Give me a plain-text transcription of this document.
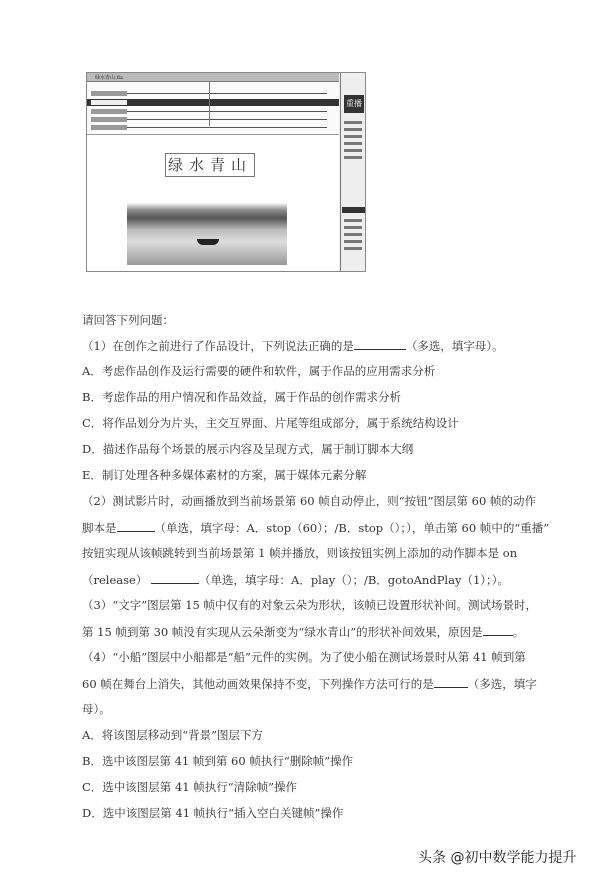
绿水青山.fla
绿水青山
重播
请回答下列问题：
（1）在创作之前进行了作品设计，下列说法正确的是	（多选，填字母）。
A．考虑作品创作及运行需要的硬件和软件，属于作品的应用需求分析
B．考虑作品的用户情况和作品效益，属于作品的创作需求分析
C．将作品划分为片头，主交互界面、片尾等组成部分，属于系统结构设计
D．描述作品每个场景的展示内容及呈现方式，属于制订脚本大纲
E．制订处理各种多媒体素材的方案，属于媒体元素分解
（2）测试影片时，动画播放到当前场景第 60 帧自动停止，则“按钮”图层第 60 帧的动作
脚本是	（单选，填字母：A．stop（60）；/B．stop（）；），单击第 60 帧中的“重播”
按钮实现从该帧跳转到当前场景第 1 帧并播放，则该按钮实例上添加的动作脚本是 on
（release）	（单选，填字母：A．play（）；/B．gotoAndPlay（1）；）。
（3）“文字”图层第 15 帧中仅有的对象云朵为形状，该帧已设置形状补间。测试场景时，
第 15 帧到第 30 帧没有实现从云朵渐变为“绿水青山”的形状补间效果，原因是	。
（4）“小船”图层中小船都是“船”元件的实例。为了使小船在测试场景时从第 41 帧到第
60 帧在舞台上消失，其他动画效果保持不变，下列操作方法可行的是	（多选，填字
母）。
A．将该图层移动到“背景”图层下方
B．选中该图层第 41 帧到第 60 帧执行“删除帧”操作
C．选中该图层第 41 帧执行“清除帧”操作
D．选中该图层第 41 帧执行“插入空白关键帧”操作
头条 @初中数学能力提升
